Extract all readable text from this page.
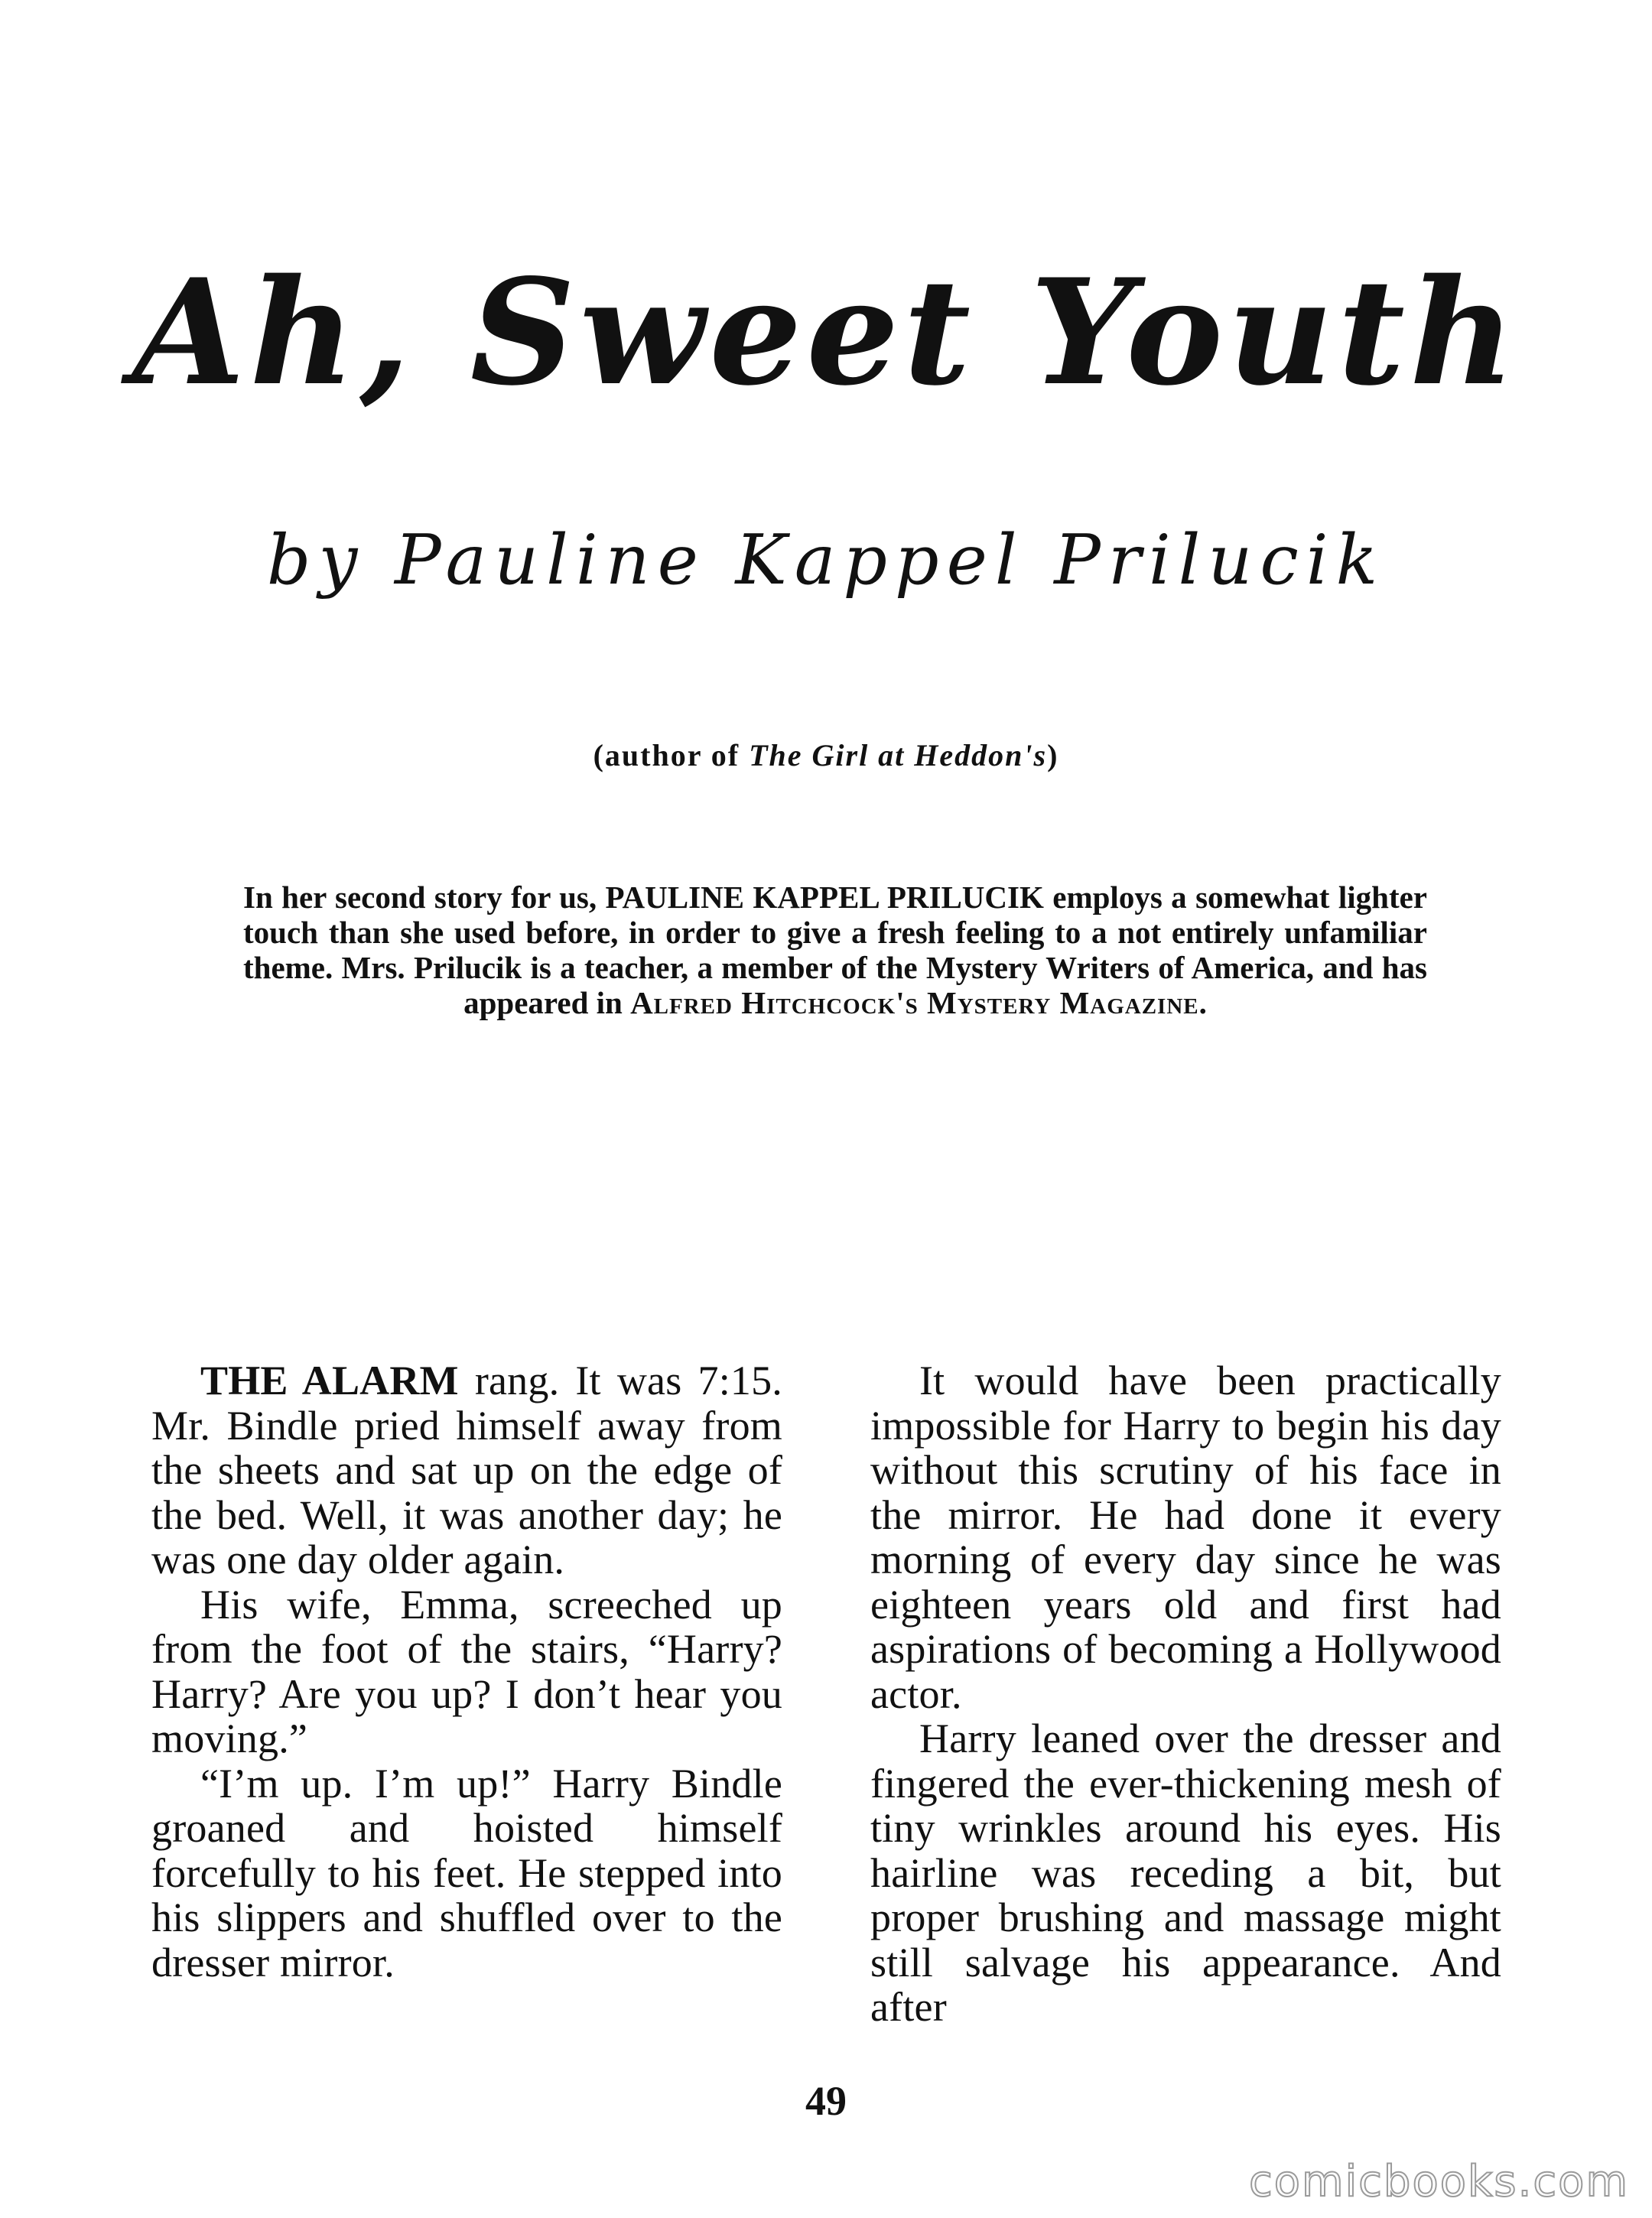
Ah, Sweet Youth
by Pauline Kappel Prilucik
(author of The Girl at Heddon's)

In her second story for us, PAULINE KAPPEL PRILUCIK employs a somewhat lighter touch than she used before, in order to give a fresh feeling to a not entirely unfamiliar theme. Mrs. Prilucik is a teacher, a member of the Mystery Writers of America, and has appeared in Alfred Hitchcock's Mystery Magazine.

THE ALARM rang. It was 7:15. Mr. Bindle pried himself away from the sheets and sat up on the edge of the bed. Well, it was another day; he was one day older again.

His wife, Emma, screeched up from the foot of the stairs, “Harry? Harry? Are you up? I don’t hear you moving.”

“I’m up. I’m up!” Harry Bindle groaned and hoisted himself forcefully to his feet. He stepped into his slippers and shuffled over to the dresser mirror.

It would have been practically impossible for Harry to begin his day without this scrutiny of his face in the mirror. He had done it every morning of every day since he was eighteen years old and first had aspirations of becoming a Hollywood actor.

Harry leaned over the dresser and fingered the ever-thickening mesh of tiny wrinkles around his eyes. His hairline was receding a bit, but proper brushing and massage might still salvage his appearance. And after

49
comicbooks.com
